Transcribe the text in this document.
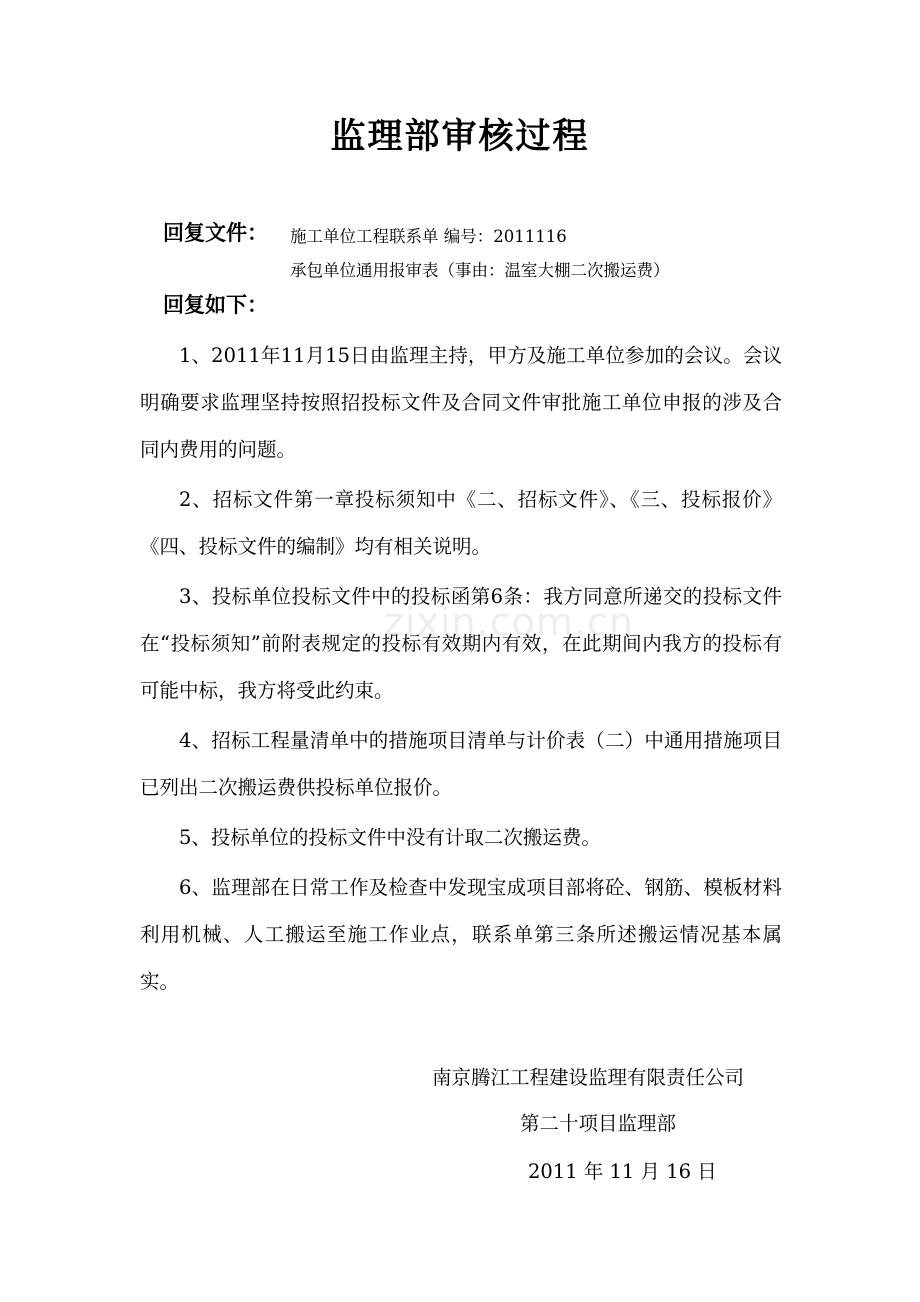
监理部审核过程
回复文件： 施工单位工程联系单 编号：2011116
承包单位通用报审表（事由：温室大棚二次搬运费）
回复如下：

1、2011年11月15日由监理主持，甲方及施工单位参加的会议。会议明确要求监理坚持按照招投标文件及合同文件审批施工单位申报的涉及合同内费用的问题。

2、招标文件第一章投标须知中《二、招标文件》、《三、投标报价》《四、投标文件的编制》均有相关说明。

3、投标单位投标文件中的投标函第6条：我方同意所递交的投标文件在“投标须知”前附表规定的投标有效期内有效，在此期间内我方的投标有可能中标，我方将受此约束。

4、招标工程量清单中的措施项目清单与计价表（二）中通用措施项目已列出二次搬运费供投标单位报价。

5、投标单位的投标文件中没有计取二次搬运费。

6、监理部在日常工作及检查中发现宝成项目部将砼、钢筋、模板材料利用机械、人工搬运至施工作业点，联系单第三条所述搬运情况基本属实。

南京腾江工程建设监理有限责任公司
第二十项目监理部
2011 年 11 月 16 日
zixin.com.cn
